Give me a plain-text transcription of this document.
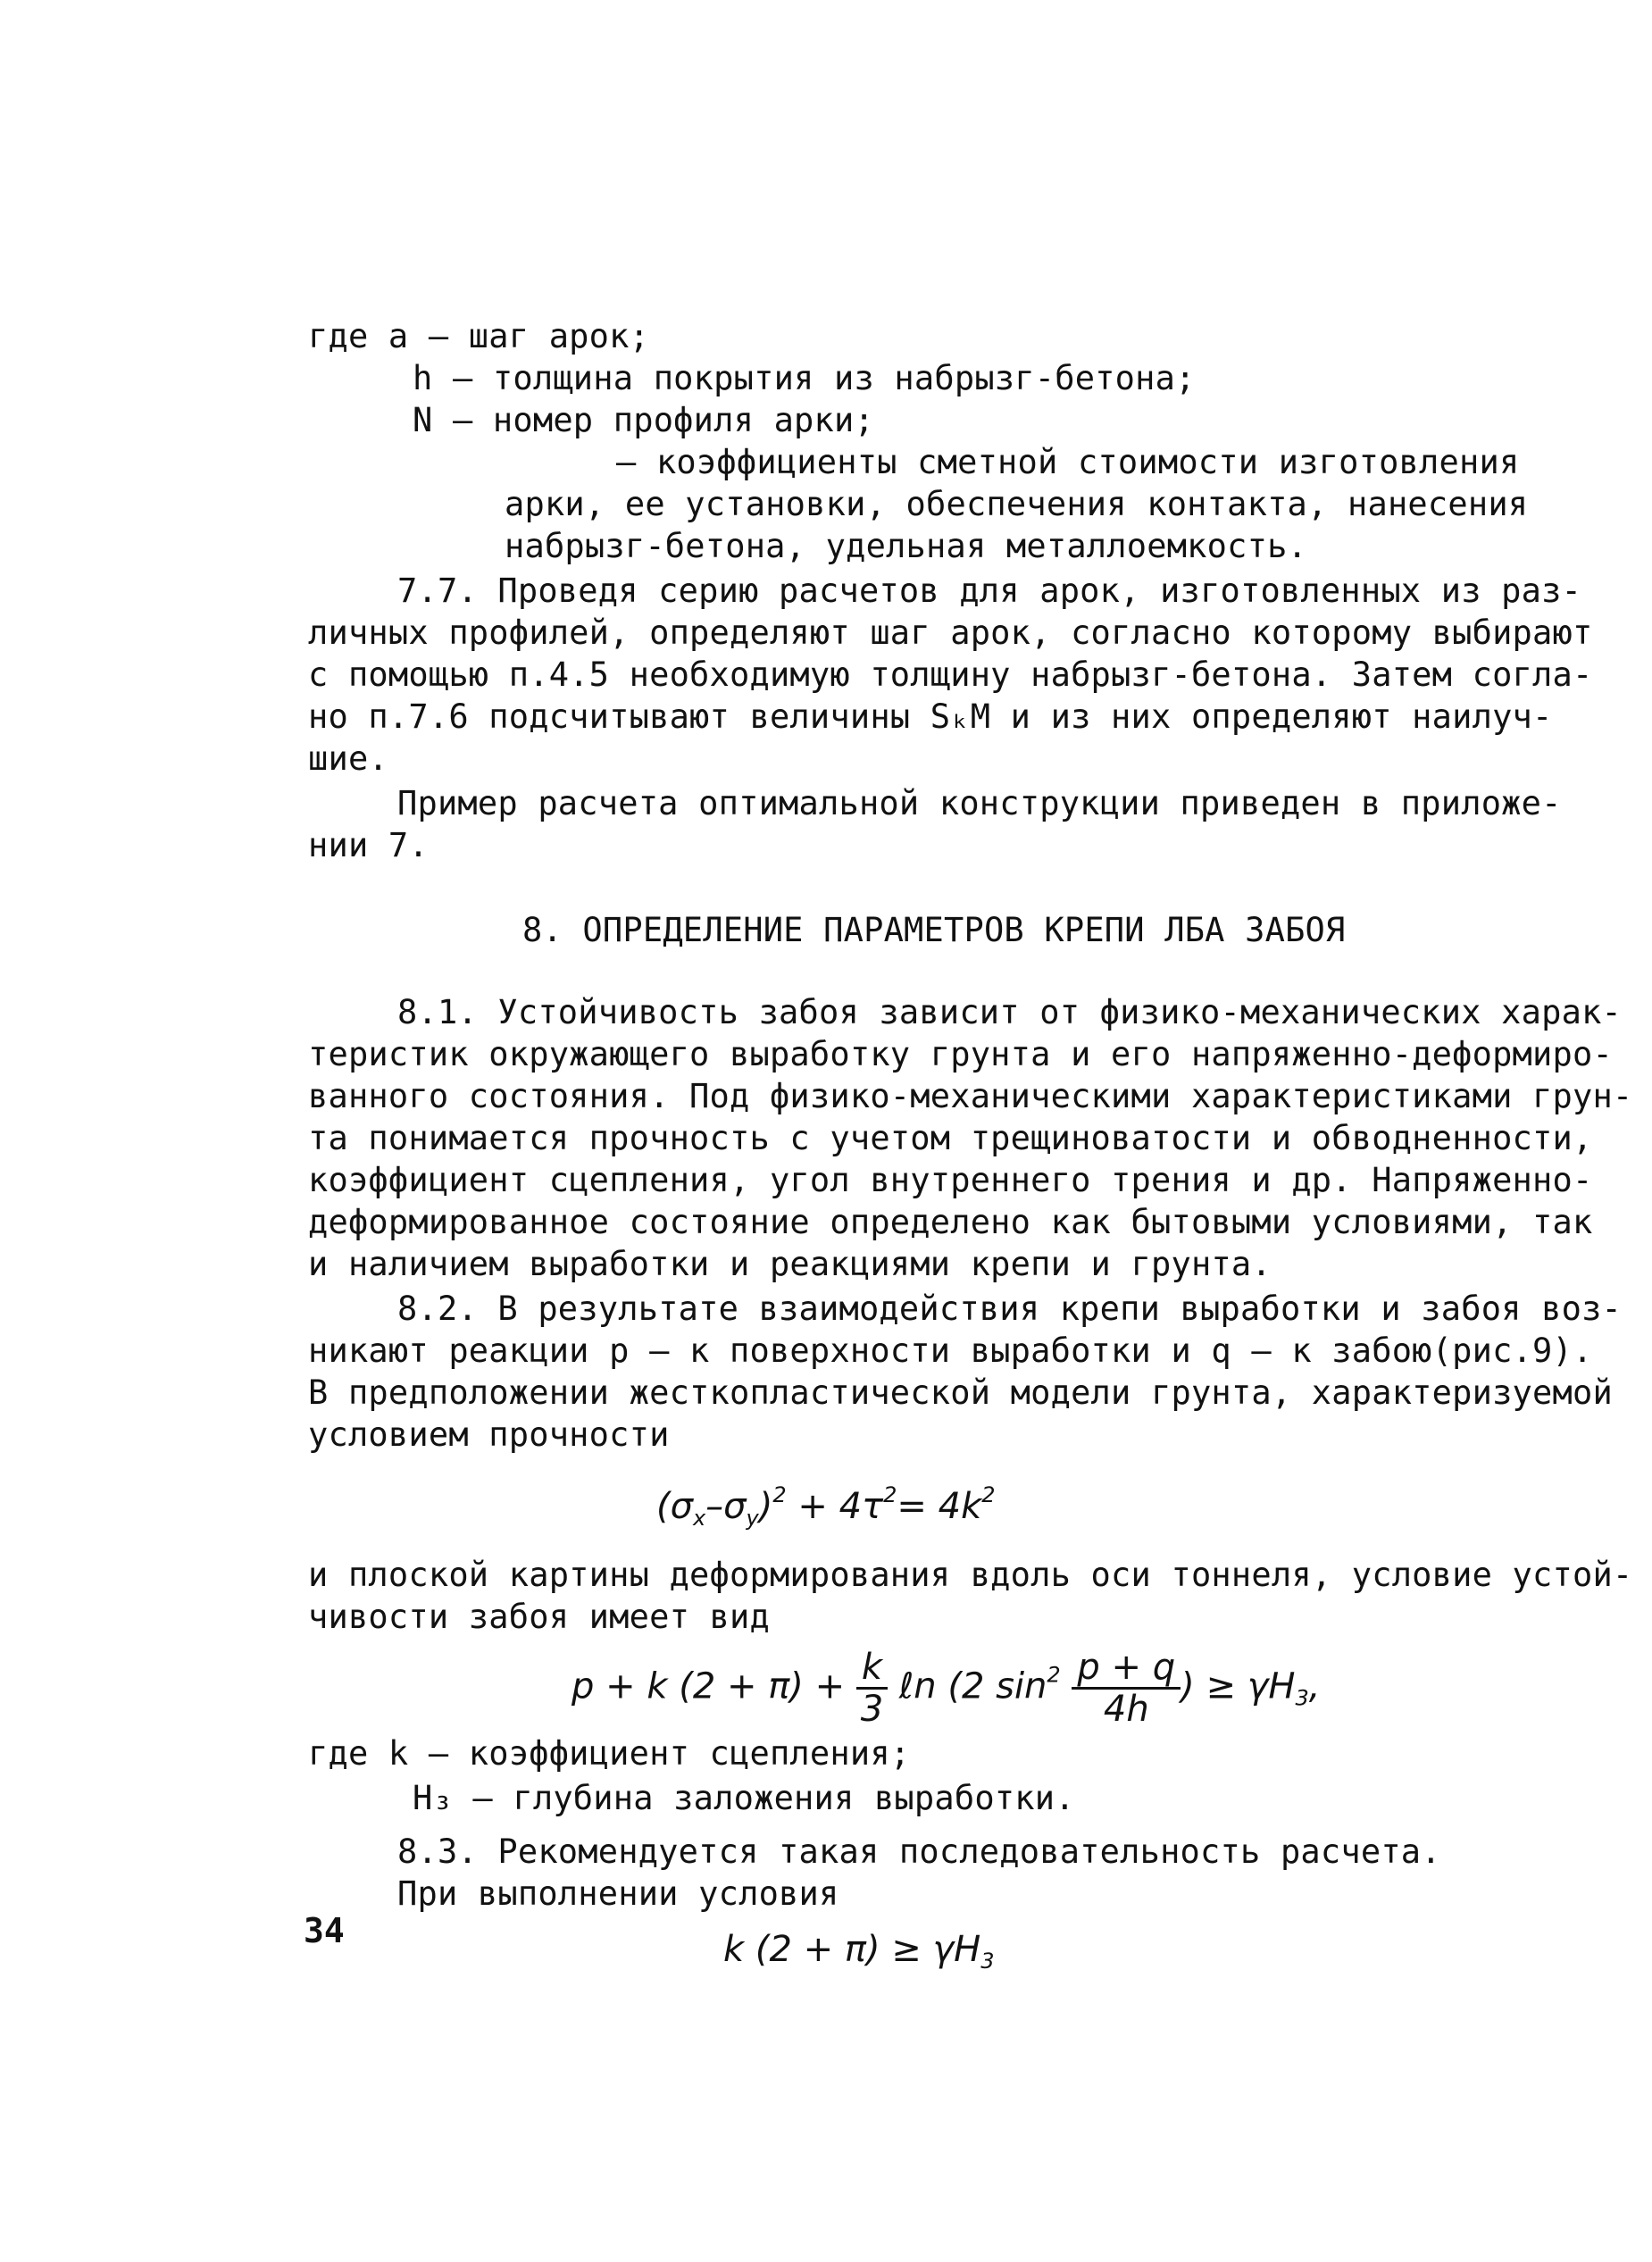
где a – шаг арок;
h – толщина покрытия из набрызг-бетона;
N – номер профиля арки;
– коэффициенты сметной стоимости изготовления
арки, ее установки, обеспечения контакта, нанесения
набрызг-бетона, удельная металлоемкость.
7.7. Проведя серию расчетов для арок, изготовленных из раз-
личных профилей, определяют шаг арок, согласно которому выбирают
с помощью п.4.5 необходимую толщину набрызг-бетона. Затем согла-
но п.7.6 подсчитывают величины SₖM и из них определяют наилуч-
шие.
Пример расчета оптимальной конструкции приведен в приложе-
нии 7.
8. ОПРЕДЕЛЕНИЕ ПАРАМЕТРОВ КРЕПИ ЛБА ЗАБОЯ
8.1. Устойчивость забоя зависит от физико-механических харак-
теристик окружающего выработку грунта и его напряженно-деформиро-
ванного состояния. Под физико-механическими характеристиками грун-
та понимается прочность с учетом трещиноватости и обводненности,
коэффициент сцепления, угол внутреннего трения и др. Напряженно-
деформированное состояние определено как бытовыми условиями, так
и наличием выработки и реакциями крепи и грунта.
8.2. В результате взаимодействия крепи выработки и забоя воз-
никают реакции p – к поверхности выработки и q – к забою(рис.9).
В предположении жесткопластической модели грунта, характеризуемой
условием прочности
$(\sigma_x-\sigma_y)^2 + 4\tau^2= 4k^2$
и плоской картины деформирования вдоль оси тоннеля, условие устой-
чивости забоя имеет вид
p + k $(2 + \pi) + \frac{k}{3}$ ℓn (2 $\sin^2 \frac{p + q}{4h}$ ) ≥ $\gamma H_3$,
где k – коэффициент сцепления;
H₃ – глубина заложения выработки.
8.3. Рекомендуется такая последовательность расчета.
При выполнении условия
34	k $(2 + \pi) \ge \gamma H_3$
